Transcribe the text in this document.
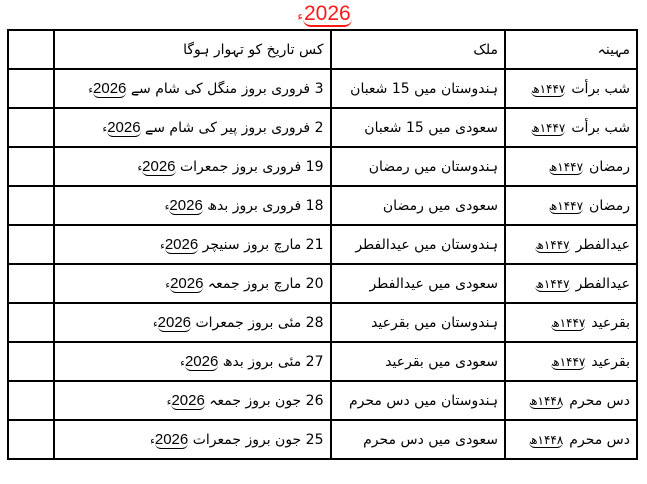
2026ء
مہینہ	ملک	کس تاریخ کو تہوار ہوگا	
شب برأت۱۴۴۷ھ	ہندوستان میں 15 شعبان	3 فروری بروز منگل کی شام سے 2026ء	
شب برأت۱۴۴۷ھ	سعودی میں 15 شعبان	2 فروری بروز پیر کی شام سے 2026ء	
رمضان۱۴۴۷ھ	ہندوستان میں رمضان	19 فروری بروز جمعرات 2026ء	
رمضان۱۴۴۷ھ	سعودی میں رمضان	18 فروری بروز بدھ 2026ء	
عیدالفطر۱۴۴۷ھ	ہندوستان میں عیدالفطر	21 مارچ بروز سنیچر 2026ء	
عیدالفطر۱۴۴۷ھ	سعودی میں عیدالفطر	20 مارچ بروز جمعہ 2026ء	
بقرعید۱۴۴۷ھ	ہندوستان میں بقرعید	28 مئی بروز جمعرات 2026ء	
بقرعید۱۴۴۷ھ	سعودی میں بقرعید	27 مئی بروز بدھ 2026ء	
دس محرم۱۴۴۸ھ	ہندوستان میں دس محرم	26 جون بروز جمعہ 2026ء	
دس محرم۱۴۴۸ھ	سعودی میں دس محرم	25 جون بروز جمعرات 2026ء	
